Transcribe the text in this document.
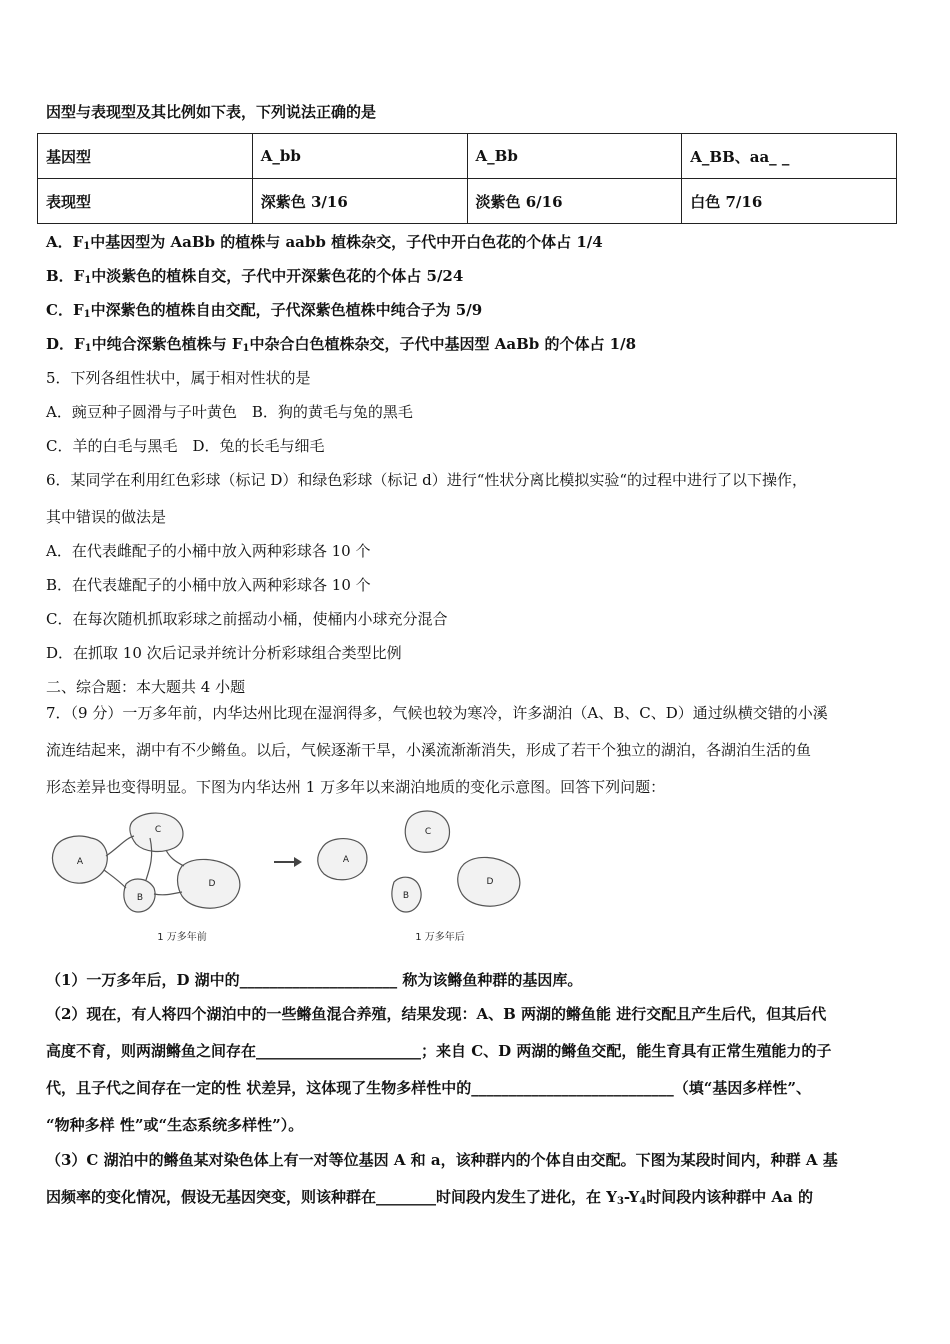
因型与表现型及其比例如下表，下列说法正确的是
基因型	A_bb	A_Bb	A_BB、aa_ _
表现型	深紫色 3/16	淡紫色 6/16	白色 7/16
A．$F_1$中基因型为 AaBb 的植株与 aabb 植株杂交，子代中开白色花的个体占 1/4
B．$F_1$中淡紫色的植株自交，子代中开深紫色花的个体占 5/24
C．$F_1$中深紫色的植株自由交配，子代深紫色植株中纯合子为 5/9
D．$F_1$中纯合深紫色植株与 $F_1$中杂合白色植株杂交，子代中基因型 AaBb 的个体占 1/8
5．下列各组性状中，属于相对性状的是
A．豌豆种子圆滑与子叶黄色　B．狗的黄毛与兔的黑毛
C．羊的白毛与黑毛　D．兔的长毛与细毛
6．某同学在利用红色彩球（标记 D）和绿色彩球（标记 d）进行“性状分离比模拟实验“的过程中进行了以下操作，
其中错误的做法是
A．在代表雌配子的小桶中放入两种彩球各 10 个
B．在代表雄配子的小桶中放入两种彩球各 10 个
C．在每次随机抓取彩球之前摇动小桶，使桶内小球充分混合
D．在抓取 10 次后记录并统计分析彩球组合类型比例
二、综合题：本大题共 4 小题
7．（9 分）一万多年前，内华达州比现在湿润得多，气候也较为寒冷，许多湖泊（A、B、C、D）通过纵横交错的小溪
流连结起来，湖中有不少鳉鱼。以后，气候逐渐干旱，小溪流渐渐消失，形成了若干个独立的湖泊，各湖泊生活的鱼
形态差异也变得明显。下图为内华达州 1 万多年以来湖泊地质的变化示意图。回答下列问题：
A
C
B
D
A
C
B
D
1 万多年前	1 万多年后
（1）一万多年后，D 湖中的_____________________ 称为该鳉鱼种群的基因库。
（2）现在，有人将四个湖泊中的一些鳉鱼混合养殖，结果发现：A、B 两湖的鳉鱼能 进行交配且产生后代，但其后代
高度不育，则两湖鳉鱼之间存在______________________；来自 C、D 两湖的鳉鱼交配，能生育具有正常生殖能力的子
代，且子代之间存在一定的性 状差异，这体现了生物多样性中的___________________________（填“基因多样性”、
“物种多样 性”或“生态系统多样性”）。
（3）C 湖泊中的鳉鱼某对染色体上有一对等位基因 A 和 a，该种群内的个体自由交配。下图为某段时间内，种群 A 基
因频率的变化情况，假设无基因突变，则该种群在________时间段内发生了进化，在 $Y_3-Y_4$时间段内该种群中 Aa 的
